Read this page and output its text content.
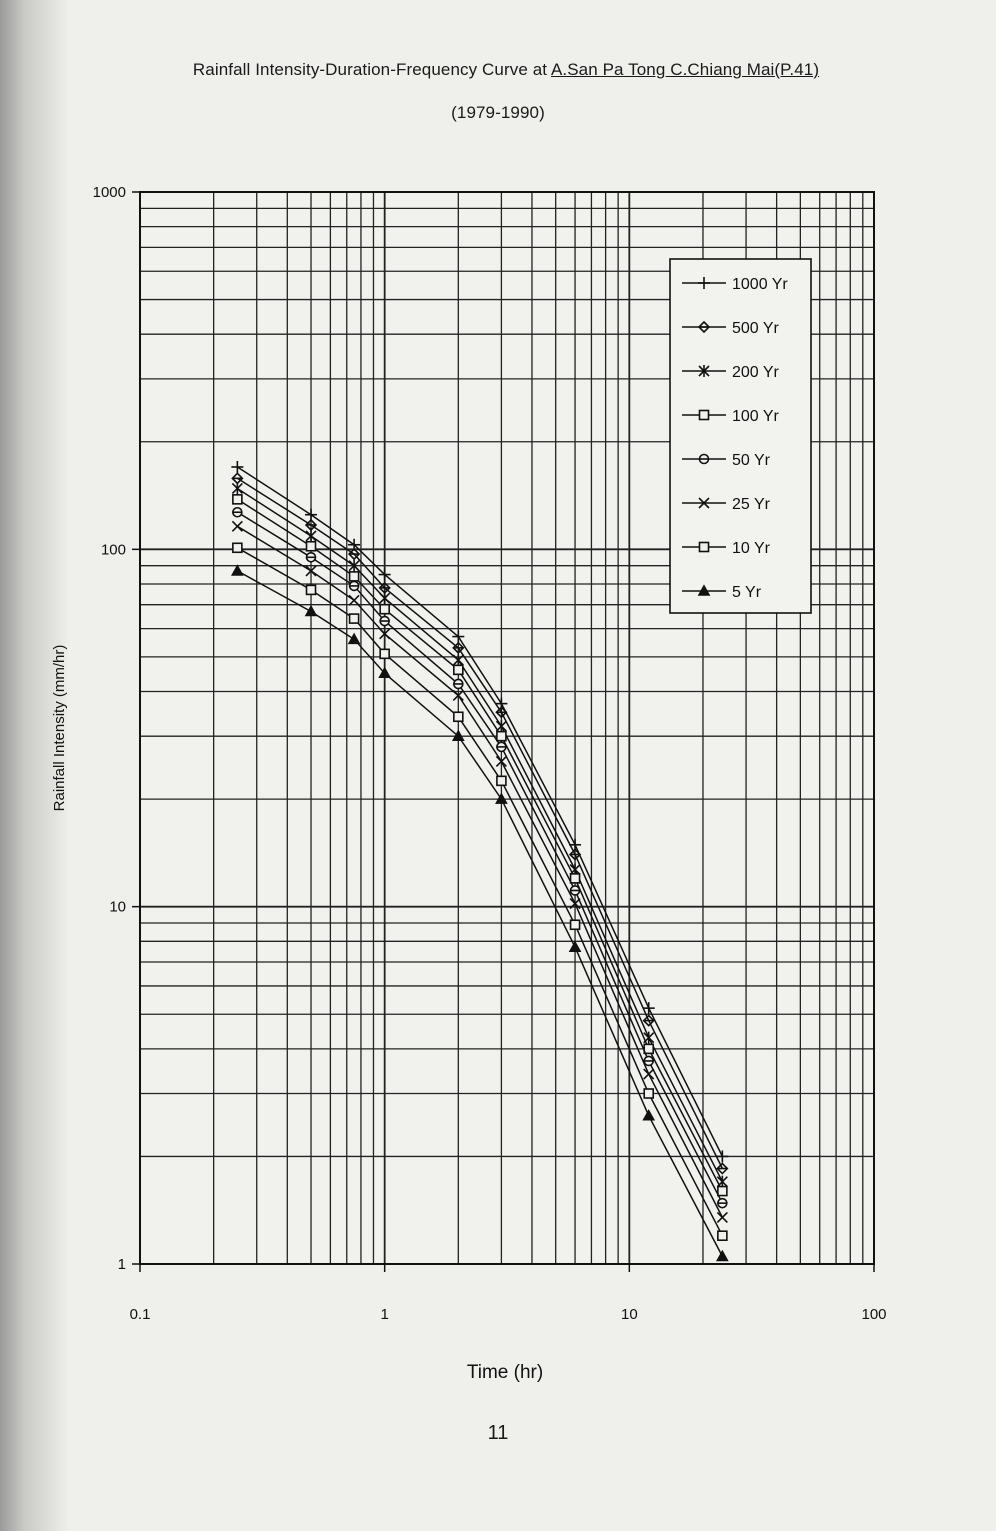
Rainfall Intensity-Duration-Frequency Curve at A.San Pa Tong C.Chiang Mai(P.41)
(1979-1990)
0.1	1	10	100
1
10
100
1000
Time (hr)
Rainfall Intensity (mm/hr)
1000 Yr
500 Yr
200 Yr
100 Yr
50 Yr
25 Yr
10 Yr
5 Yr
11
